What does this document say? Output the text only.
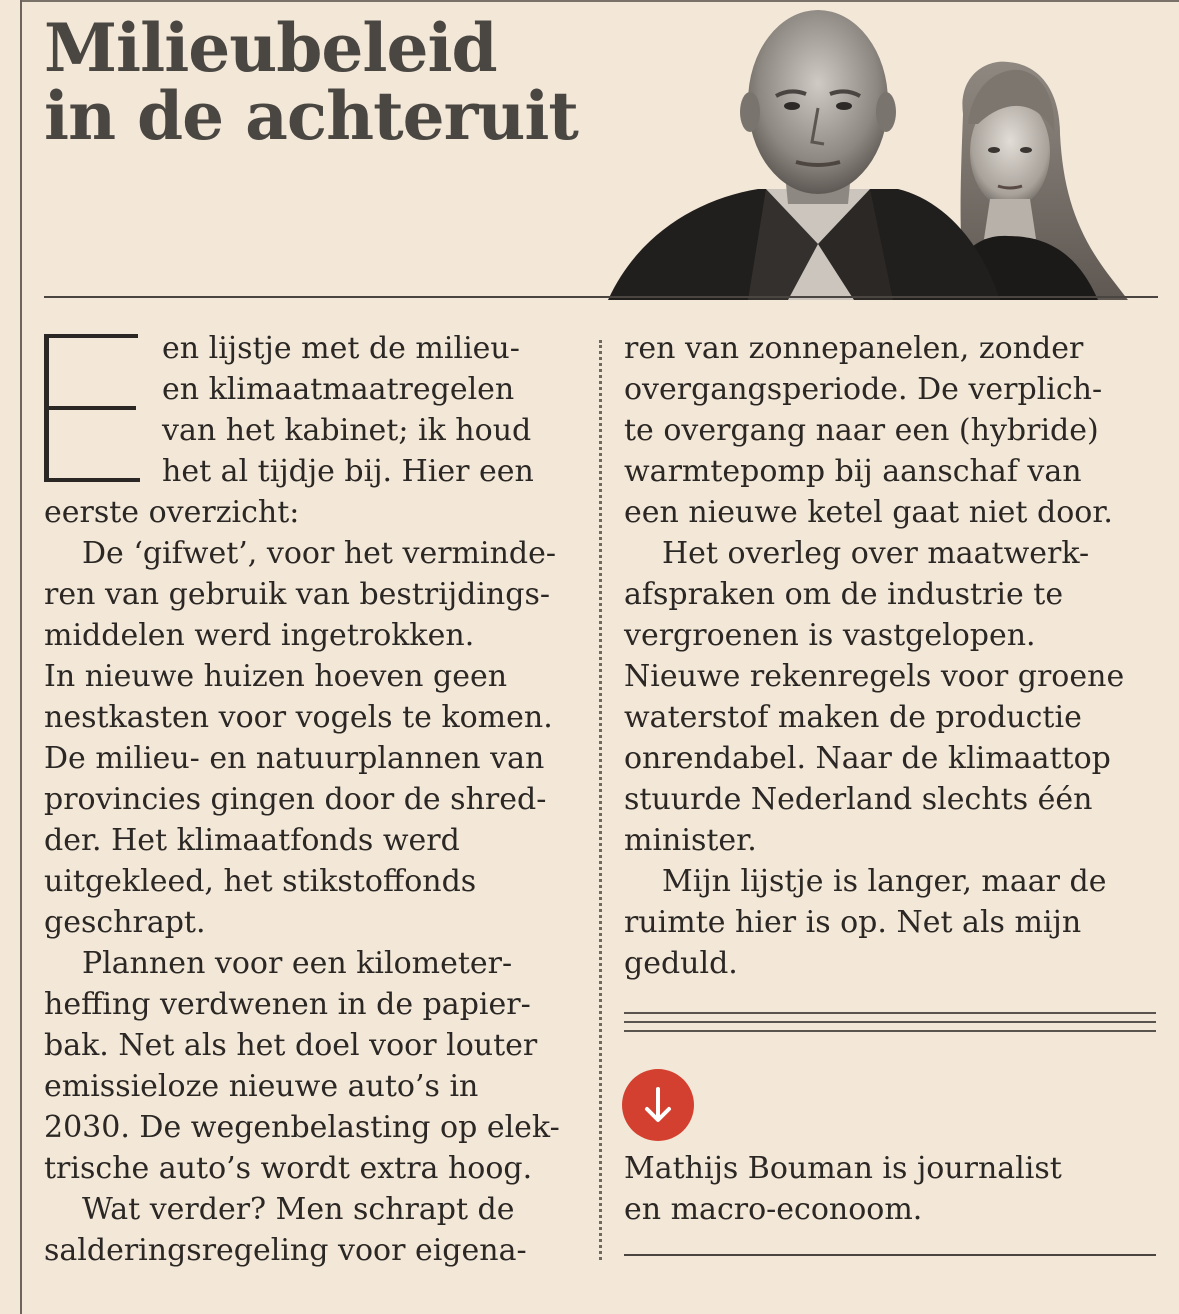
Milieubeleid
in de achteruit
en lijstje met de milieu-
en klimaatmaatregelen
van het kabinet; ik houd
het al tijdje bij. Hier een
eerste overzicht:
De ‘gifwet’, voor het verminde-
ren van gebruik van bestrijdings-
middelen werd ingetrokken.
In nieuwe huizen hoeven geen
nestkasten voor vogels te komen.
De milieu- en natuurplannen van
provincies gingen door de shred-
der. Het klimaatfonds werd
uitgekleed, het stikstoffonds
geschrapt.
Plannen voor een kilometer-
heffing verdwenen in de papier-
bak. Net als het doel voor louter
emissieloze nieuwe auto’s in
2030. De wegenbelasting op elek-
trische auto’s wordt extra hoog.
Wat verder? Men schrapt de
salderingsregeling voor eigena-
ren van zonnepanelen, zonder
overgangsperiode. De verplich-
te overgang naar een (hybride)
warmtepomp bij aanschaf van
een nieuwe ketel gaat niet door.
Het overleg over maatwerk-
afspraken om de industrie te
vergroenen is vastgelopen.
Nieuwe rekenregels voor groene
waterstof maken de productie
onrendabel. Naar de klimaattop
stuurde Nederland slechts één
minister.
Mijn lijstje is langer, maar de
ruimte hier is op. Net als mijn
geduld.
Mathijs Bouman is journalist
en macro-econoom.
